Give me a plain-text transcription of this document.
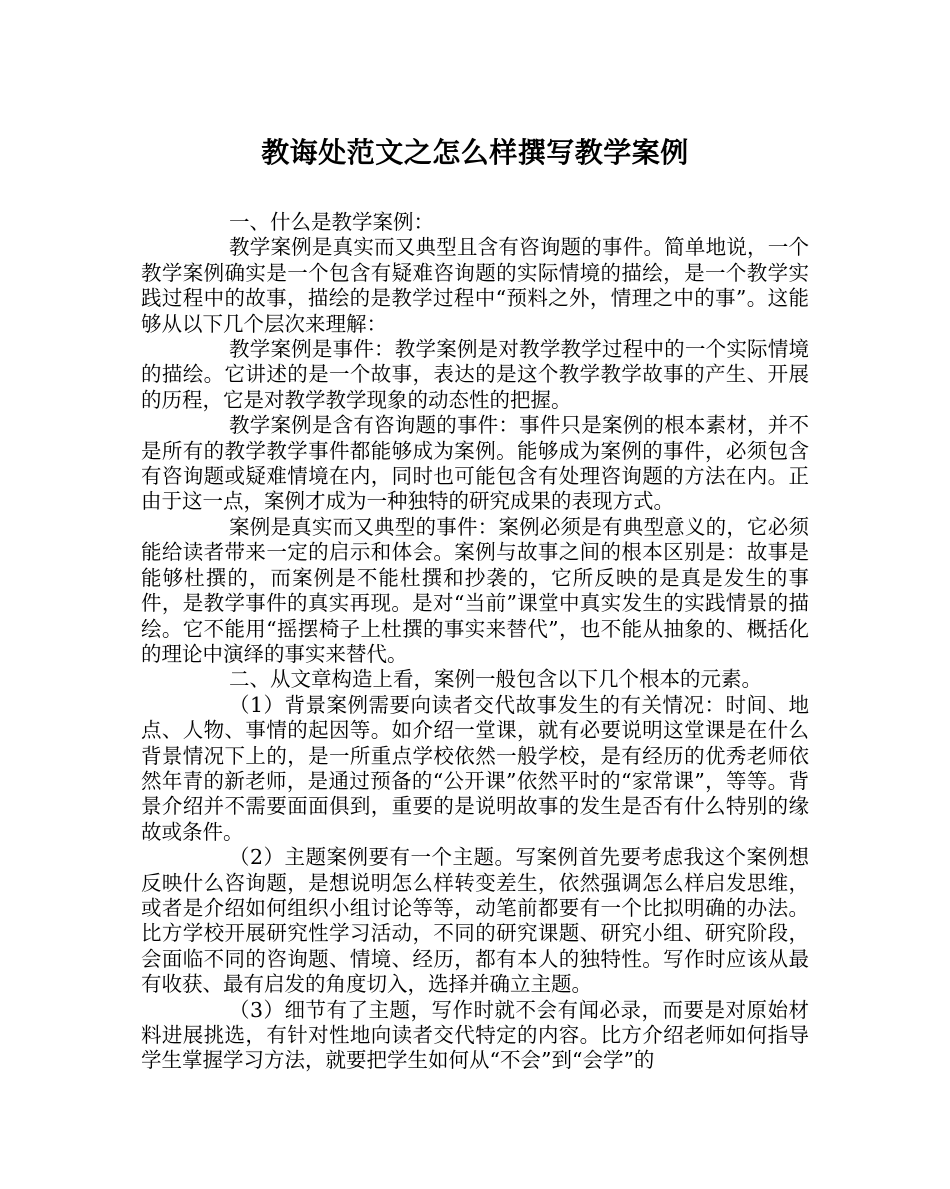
教诲处范文之怎么样撰写教学案例

一、什么是教学案例：

教学案例是真实而又典型且含有咨询题的事件。简单地说，一个教学案例确实是一个包含有疑难咨询题的实际情境的描绘，是一个教学实践过程中的故事，描绘的是教学过程中“预料之外，情理之中的事”。这能够从以下几个层次来理解：

教学案例是事件：教学案例是对教学教学过程中的一个实际情境的描绘。它讲述的是一个故事，表达的是这个教学教学故事的产生、开展的历程，它是对教学教学现象的动态性的把握。

教学案例是含有咨询题的事件：事件只是案例的根本素材，并不是所有的教学教学事件都能够成为案例。能够成为案例的事件，必须包含有咨询题或疑难情境在内，同时也可能包含有处理咨询题的方法在内。正由于这一点，案例才成为一种独特的研究成果的表现方式。

案例是真实而又典型的事件：案例必须是有典型意义的，它必须能给读者带来一定的启示和体会。案例与故事之间的根本区别是：故事是能够杜撰的，而案例是不能杜撰和抄袭的，它所反映的是真是发生的事件，是教学事件的真实再现。是对“当前”课堂中真实发生的实践情景的描绘。它不能用“摇摆椅子上杜撰的事实来替代”，也不能从抽象的、概括化的理论中演绎的事实来替代。

二、从文章构造上看，案例一般包含以下几个根本的元素。

（1）背景案例需要向读者交代故事发生的有关情况：时间、地点、人物、事情的起因等。如介绍一堂课，就有必要说明这堂课是在什么背景情况下上的，是一所重点学校依然一般学校，是有经历的优秀老师依然年青的新老师，是通过预备的“公开课”依然平时的“家常课”，等等。背景介绍并不需要面面俱到，重要的是说明故事的发生是否有什么特别的缘故或条件。

（2）主题案例要有一个主题。写案例首先要考虑我这个案例想反映什么咨询题，是想说明怎么样转变差生，依然强调怎么样启发思维，或者是介绍如何组织小组讨论等等，动笔前都要有一个比拟明确的办法。比方学校开展研究性学习活动，不同的研究课题、研究小组、研究阶段，会面临不同的咨询题、情境、经历，都有本人的独特性。写作时应该从最有收获、最有启发的角度切入，选择并确立主题。

（3）细节有了主题，写作时就不会有闻必录，而要是对原始材料进展挑选，有针对性地向读者交代特定的内容。比方介绍老师如何指导学生掌握学习方法，就要把学生如何从“不会”到“会学”的
